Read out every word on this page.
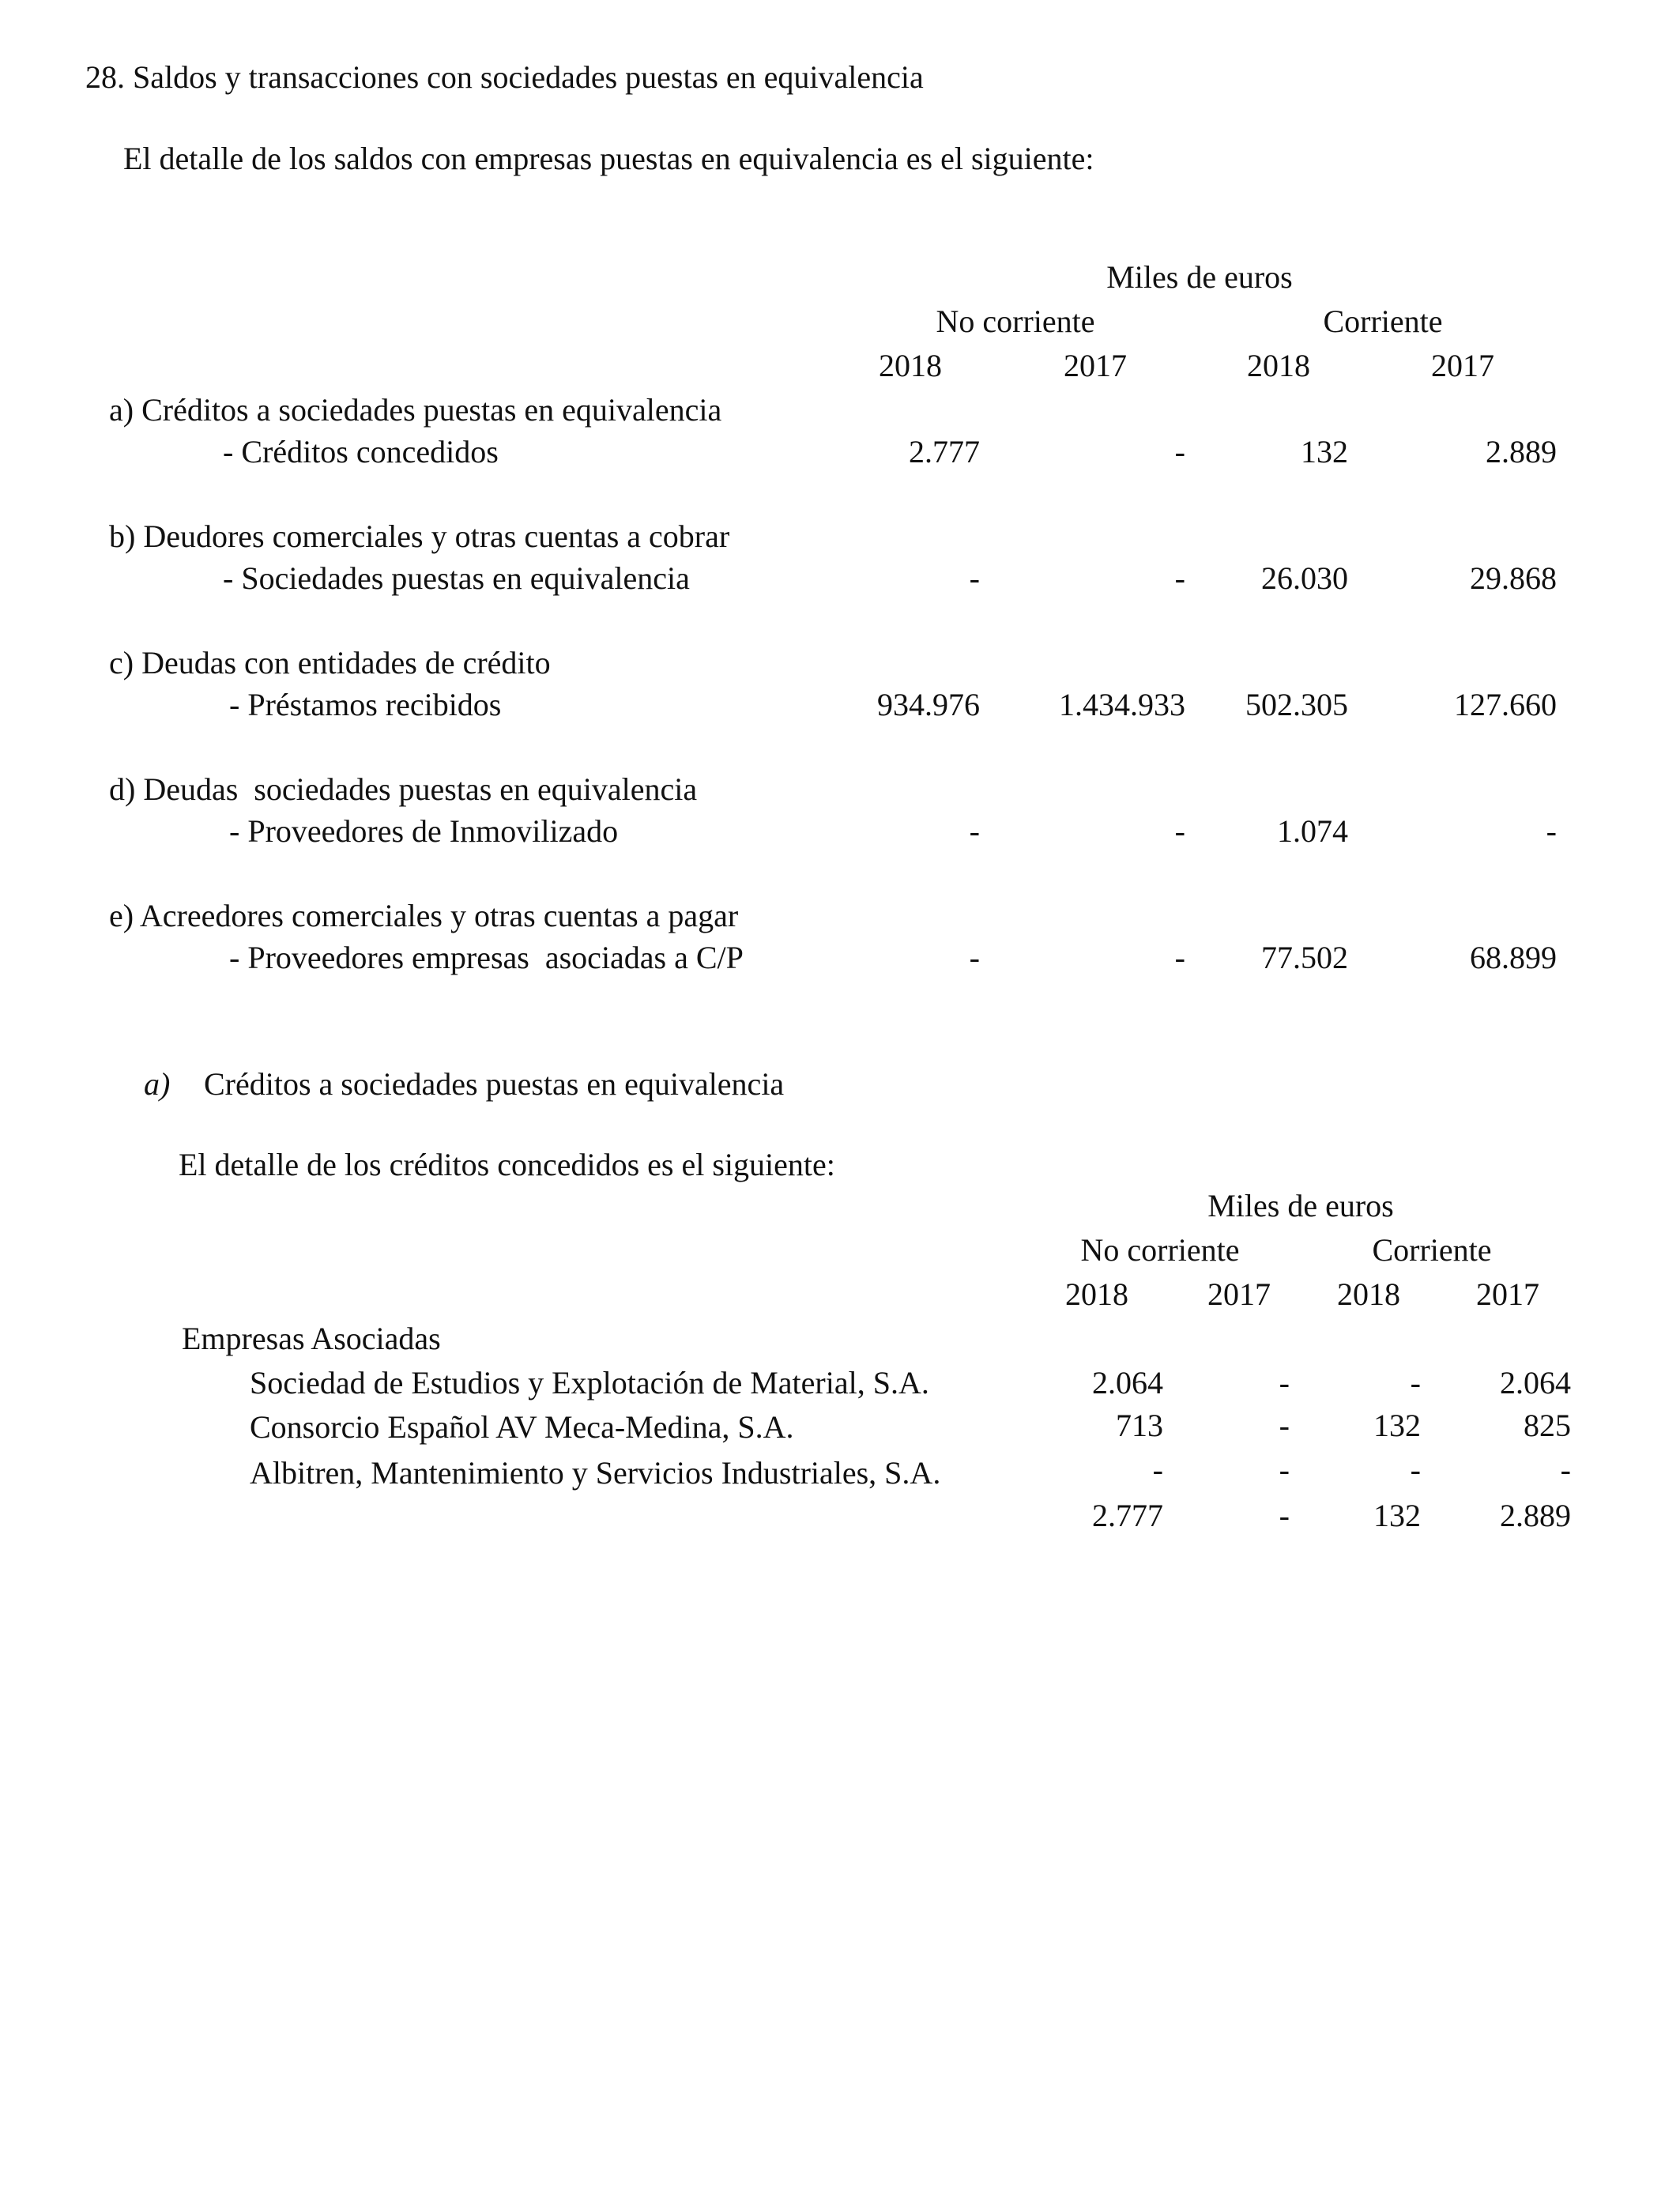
28. Saldos y transacciones con sociedades puestas en equivalencia
El detalle de los saldos con empresas puestas en equivalencia es el siguiente:
Miles de euros
No corriente	Corriente
2018	2017	2018	2017
a) Créditos a sociedades puestas en equivalencia
- Créditos concedidos	2.777	-	132	2.889
b) Deudores comerciales y otras cuentas a cobrar
- Sociedades puestas en equivalencia	-	- 26.030	29.868
c) Deudas con entidades de crédito
- Préstamos recibidos	934.976	1.434.933 502.305	127.660
d) Deudas  sociedades puestas en equivalencia
- Proveedores de Inmovilizado	-	-	1.074	-
e) Acreedores comerciales y otras cuentas a pagar
- Proveedores empresas  asociadas a C/P	-	- 77.502	68.899
a) Créditos a sociedades puestas en equivalencia
El detalle de los créditos concedidos es el siguiente:
Miles de euros
No corriente	Corriente
2018	2017 2018 2017
Empresas Asociadas
Sociedad de Estudios y Explotación de Material, S.A.	2.064	-	-	2.064
Consorcio Español AV Meca-Medina, S.A.	713	-	132	825
Albitren, Mantenimiento y Servicios Industriales, S.A.	-	-	-	-
2.777	-	132	2.889
